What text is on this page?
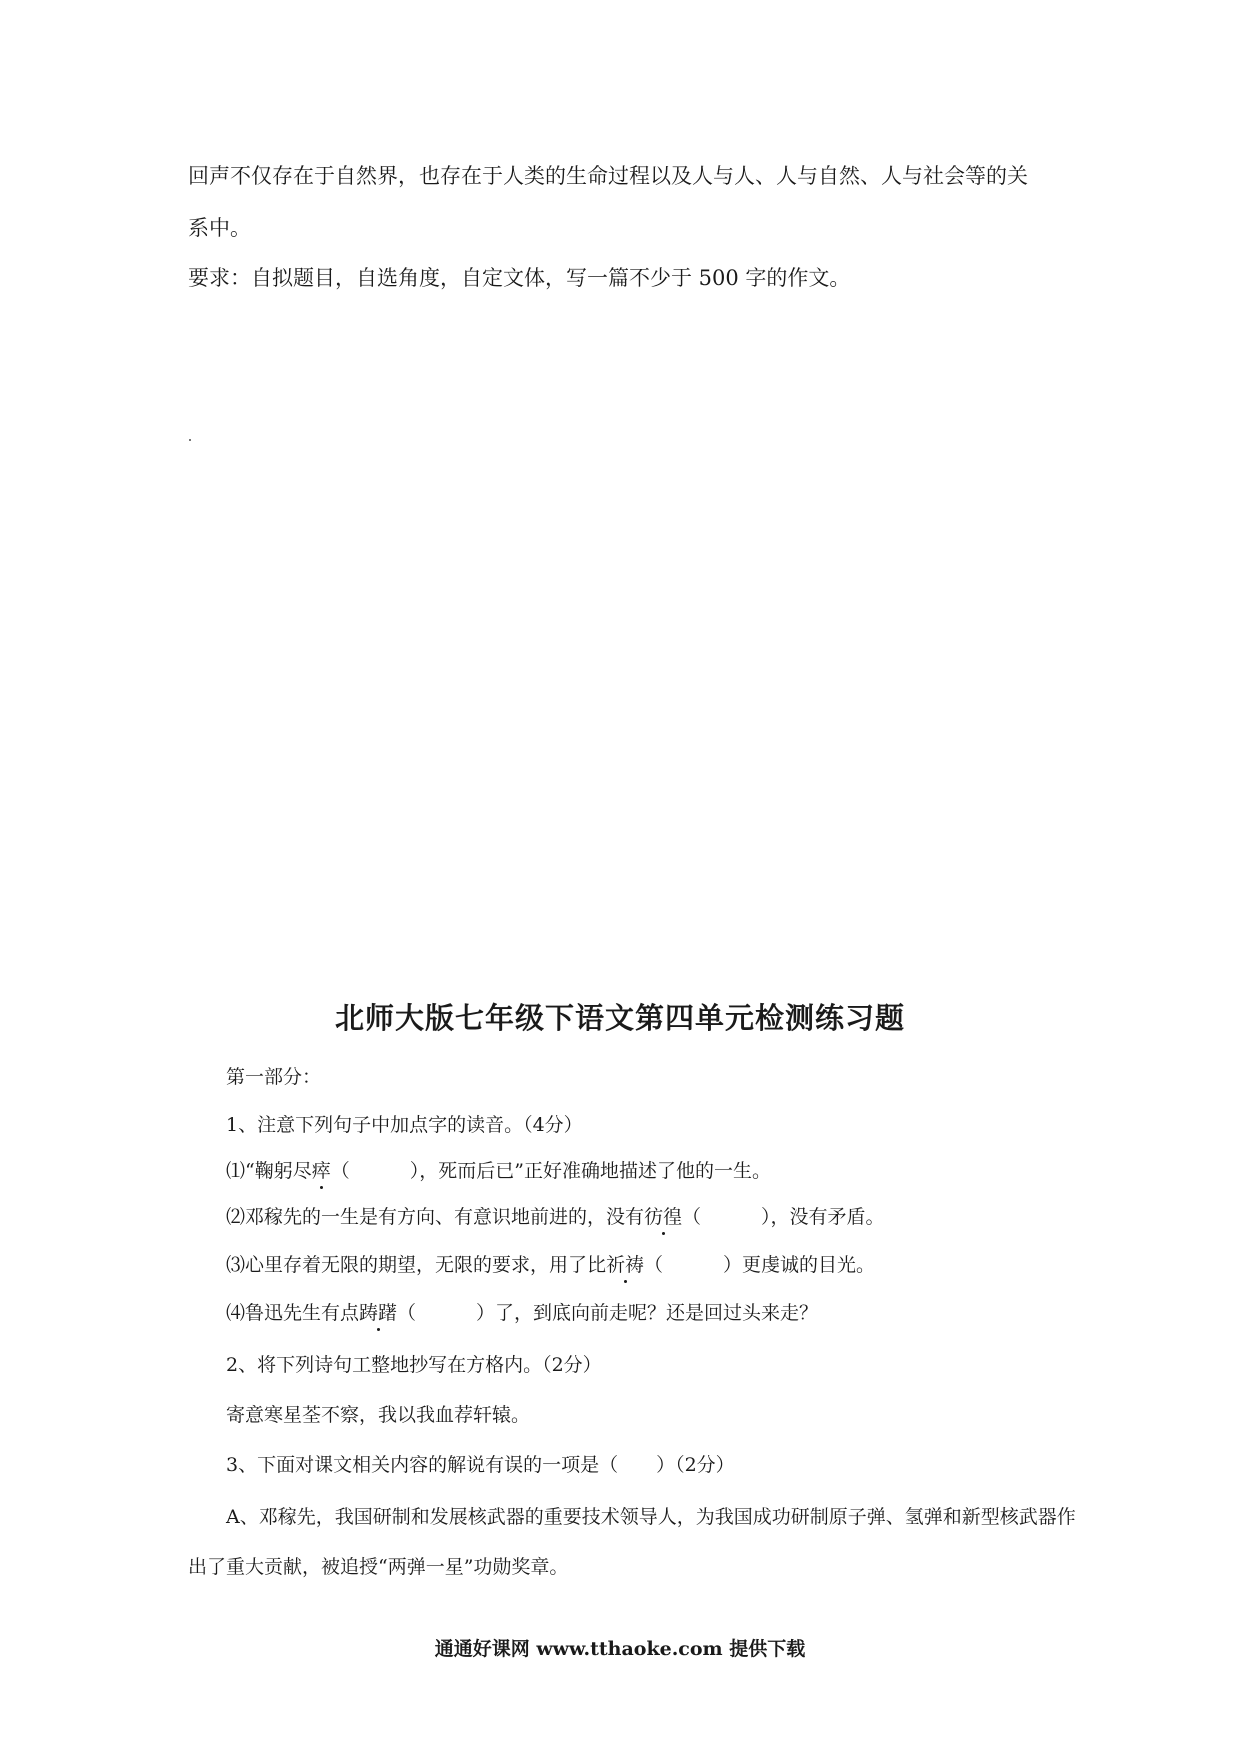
回声不仅存在于自然界，也存在于人类的生命过程以及人与人、人与自然、人与社会等的关
系中。
要求：自拟题目，自选角度，自定文体，写一篇不少于 500 字的作文。
北师大版七年级下语文第四单元检测练习题
第一部分：
1、注意下列句子中加点字的读音。（4分）
⑴“鞠躬尽瘁（	），死而后已”正好准确地描述了他的一生。
⑵邓稼先的一生是有方向、有意识地前进的，没有彷徨（	），没有矛盾。
⑶心里存着无限的期望，无限的要求，用了比祈祷（	）更虔诚的目光。
⑷鲁迅先生有点踌躇（	）了，到底向前走呢？还是回过头来走？
2、将下列诗句工整地抄写在方格内。（2分）
寄意寒星荃不察，我以我血荐轩辕。
3、下面对课文相关内容的解说有误的一项是（　　）（2分）
A、邓稼先，我国研制和发展核武器的重要技术领导人，为我国成功研制原子弹、氢弹和新型核武器作
出了重大贡献，被追授“两弹一星”功勋奖章。
通通好课网 www.tthaoke.com 提供下载
